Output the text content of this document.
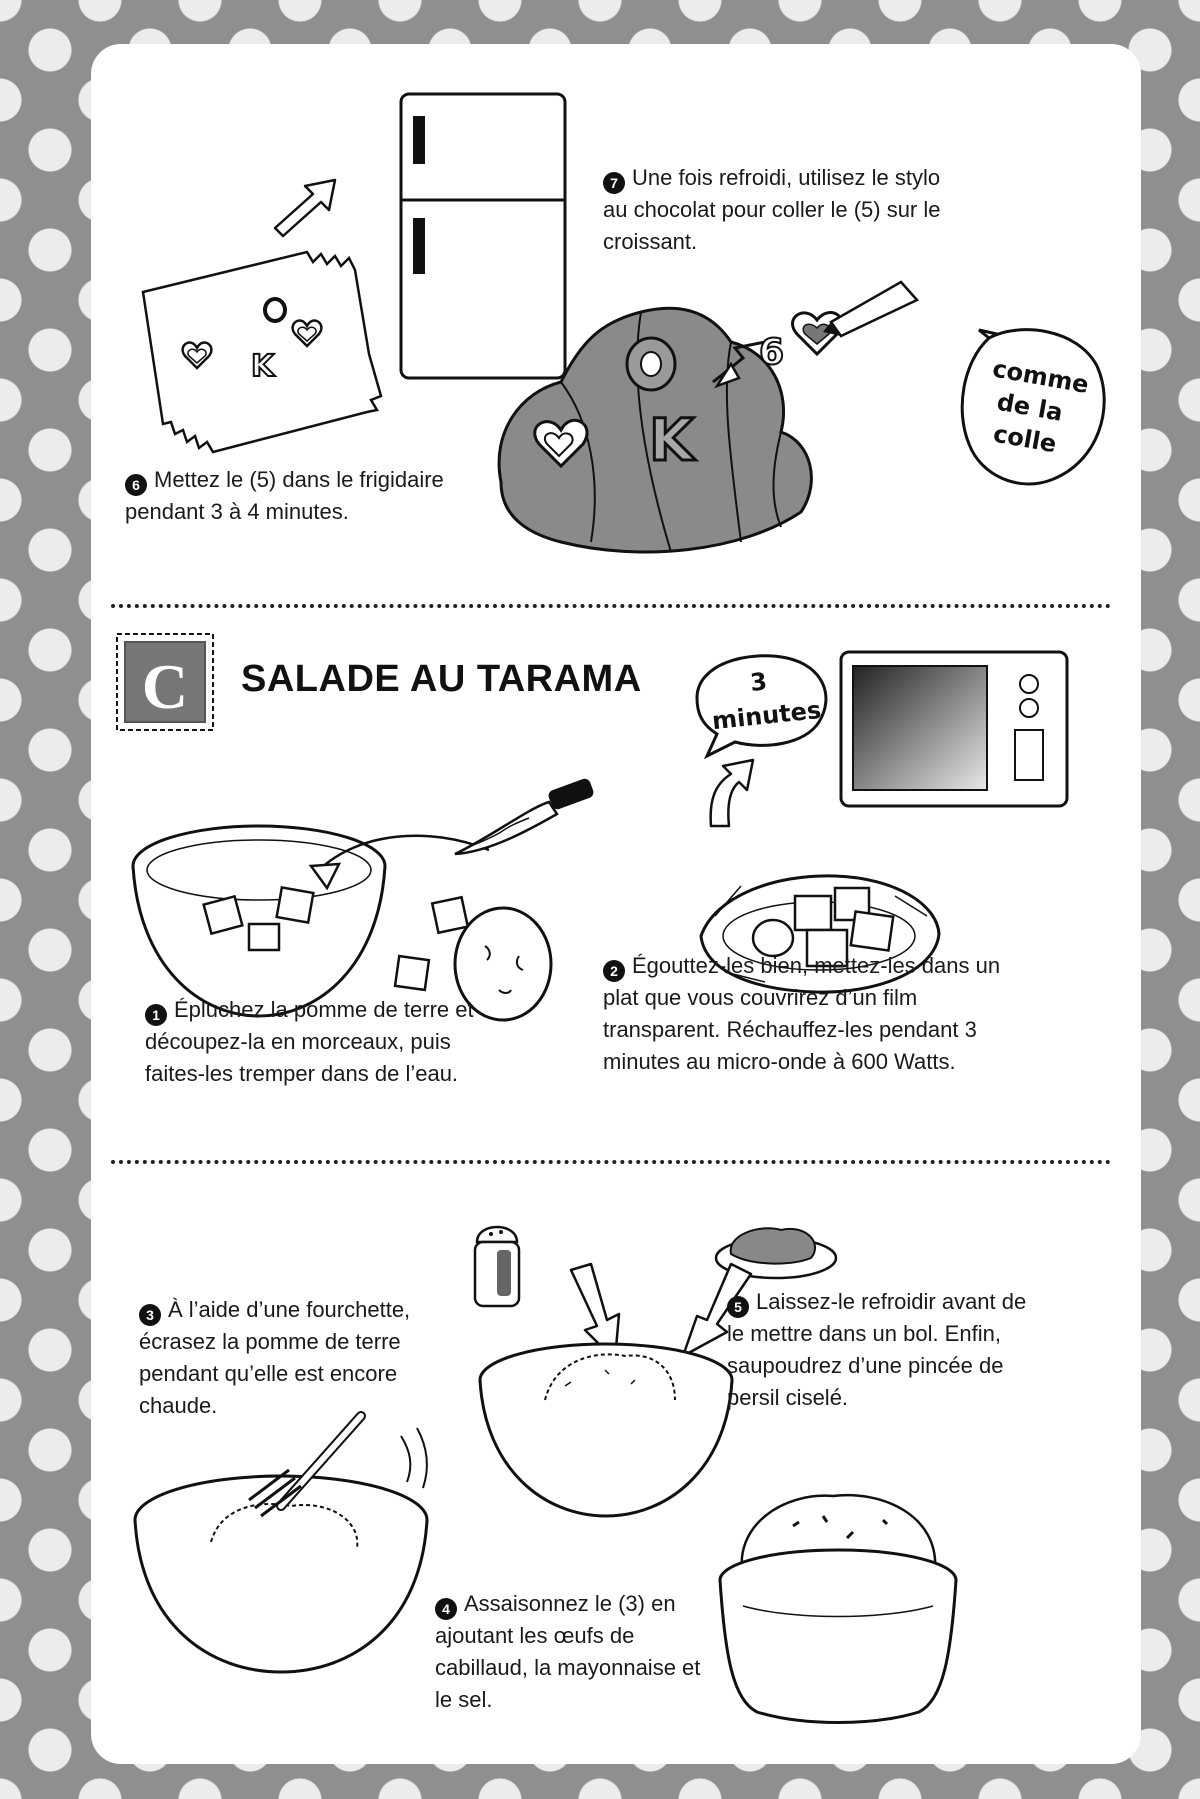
K
6 Mettez le (5) dans le frigidaire pendant 3 à 4 minutes.
7 Une fois refroidi, utilisez le stylo au chocolat pour coller le (5) sur le croissant.
K
6
comme
de la
colle
C SALADE AU TARAMA	3
minutes
1 Épluchez la pomme de terre et découpez-la en morceaux, puis faites-les tremper dans de l’eau.
2 Égouttez-les bien, mettez-les dans un plat que vous couvrirez d’un film transparent. Réchauffez-les pendant 3 minutes au micro-onde à 600 Watts.
3 À l’aide d’une fourchette, écrasez la pomme de terre pendant qu’elle est encore chaude.
4 Assaisonnez le (3) en ajoutant les œufs de cabillaud, la mayonnaise et le sel.
5 Laissez-le refroidir avant de le mettre dans un bol. Enfin, saupoudrez d’une pincée de persil ciselé.
